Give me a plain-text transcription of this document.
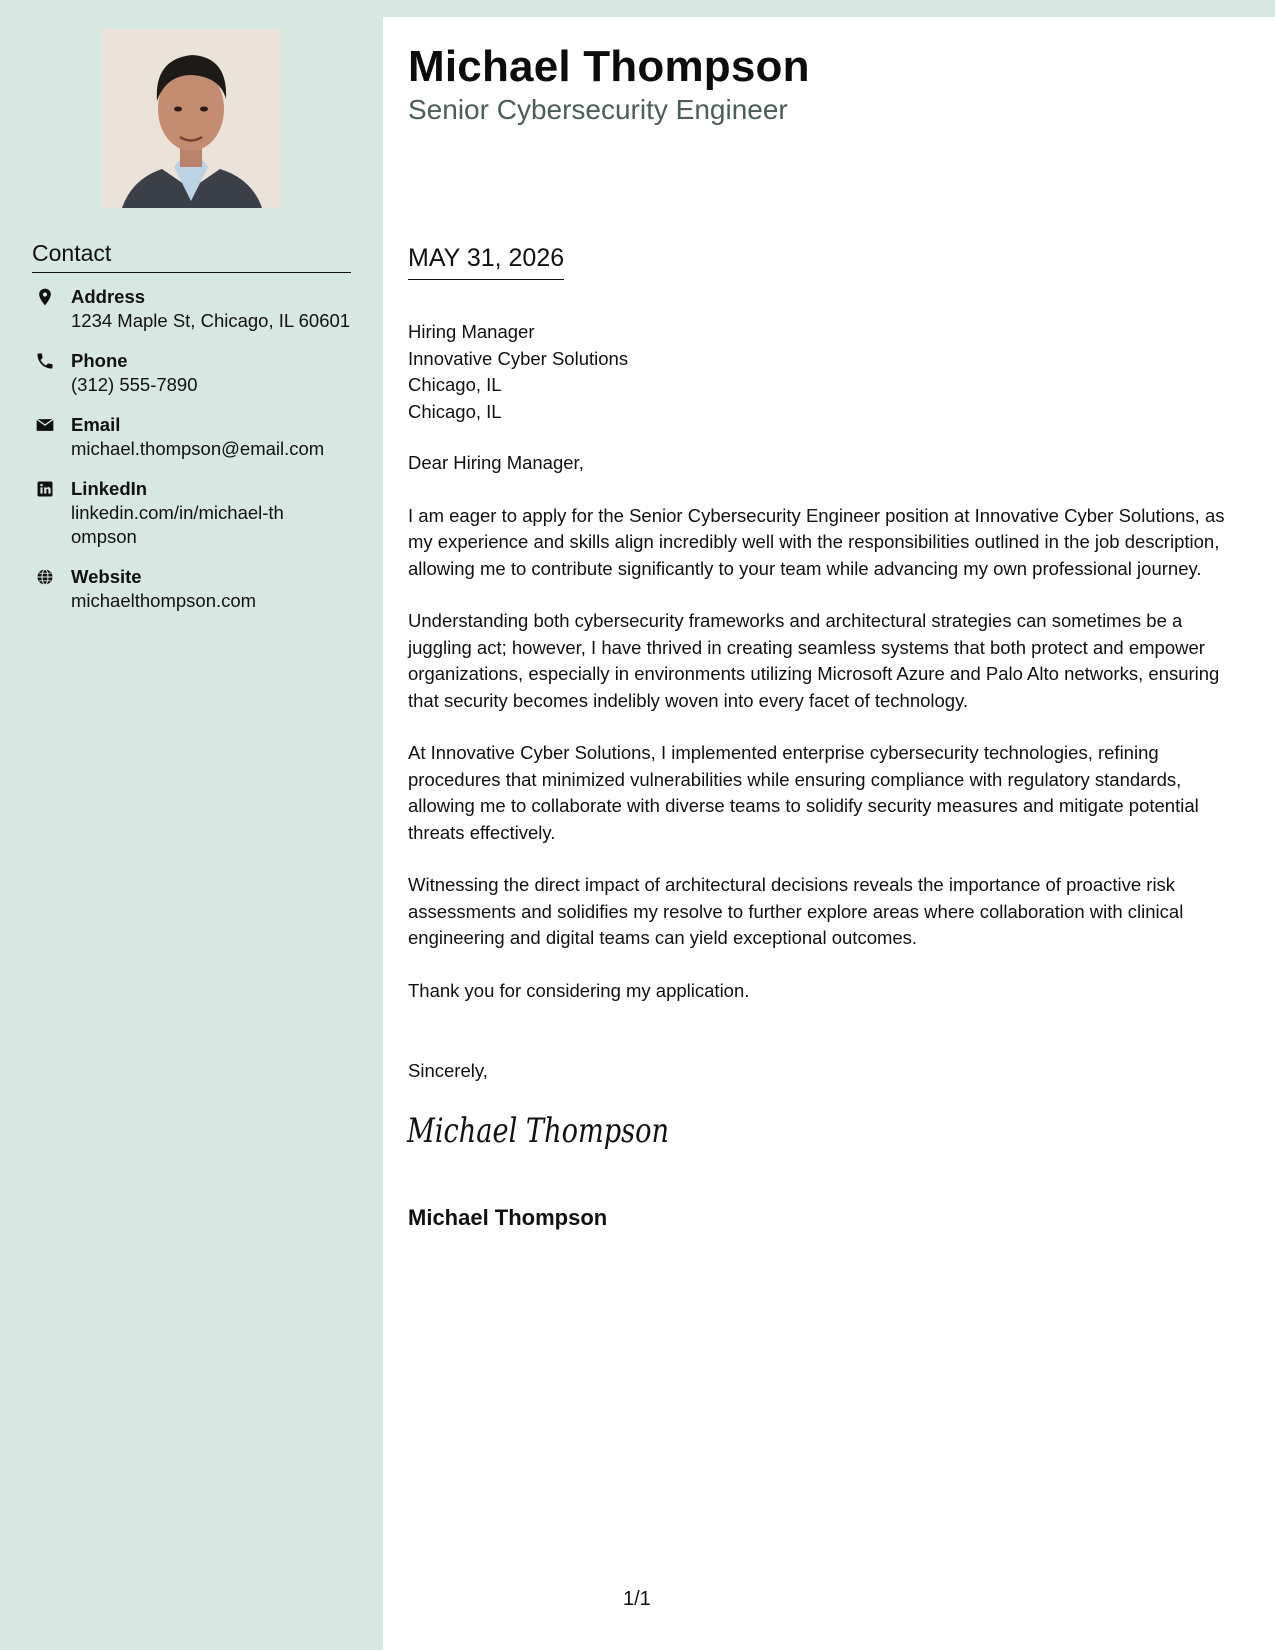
Contact
Address
1234 Maple St, Chicago, IL 60601
Phone
(312) 555-7890
Email
michael.thompson@email.com
LinkedIn
linkedin.com/in/michael-thompson
Website
michaelthompson.com
Michael Thompson
Senior Cybersecurity Engineer
MAY 31, 2026
Hiring Manager
Innovative Cyber Solutions
Chicago, IL
Chicago, IL

Dear Hiring Manager,

I am eager to apply for the Senior Cybersecurity Engineer position at Innovative Cyber Solutions, as my experience and skills align incredibly well with the responsibilities outlined in the job description, allowing me to contribute significantly to your team while advancing my own professional journey.

Understanding both cybersecurity frameworks and architectural strategies can sometimes be a juggling act; however, I have thrived in creating seamless systems that both protect and empower organizations, especially in environments utilizing Microsoft Azure and Palo Alto networks, ensuring that security becomes indelibly woven into every facet of technology.

At Innovative Cyber Solutions, I implemented enterprise cybersecurity technologies, refining procedures that minimized vulnerabilities while ensuring compliance with regulatory standards, allowing me to collaborate with diverse teams to solidify security measures and mitigate potential threats effectively.

Witnessing the direct impact of architectural decisions reveals the importance of proactive risk assessments and solidifies my resolve to further explore areas where collaboration with clinical engineering and digital teams can yield exceptional outcomes.

Thank you for considering my application.

Sincerely,
Michael Thompson
Michael Thompson
1/1
